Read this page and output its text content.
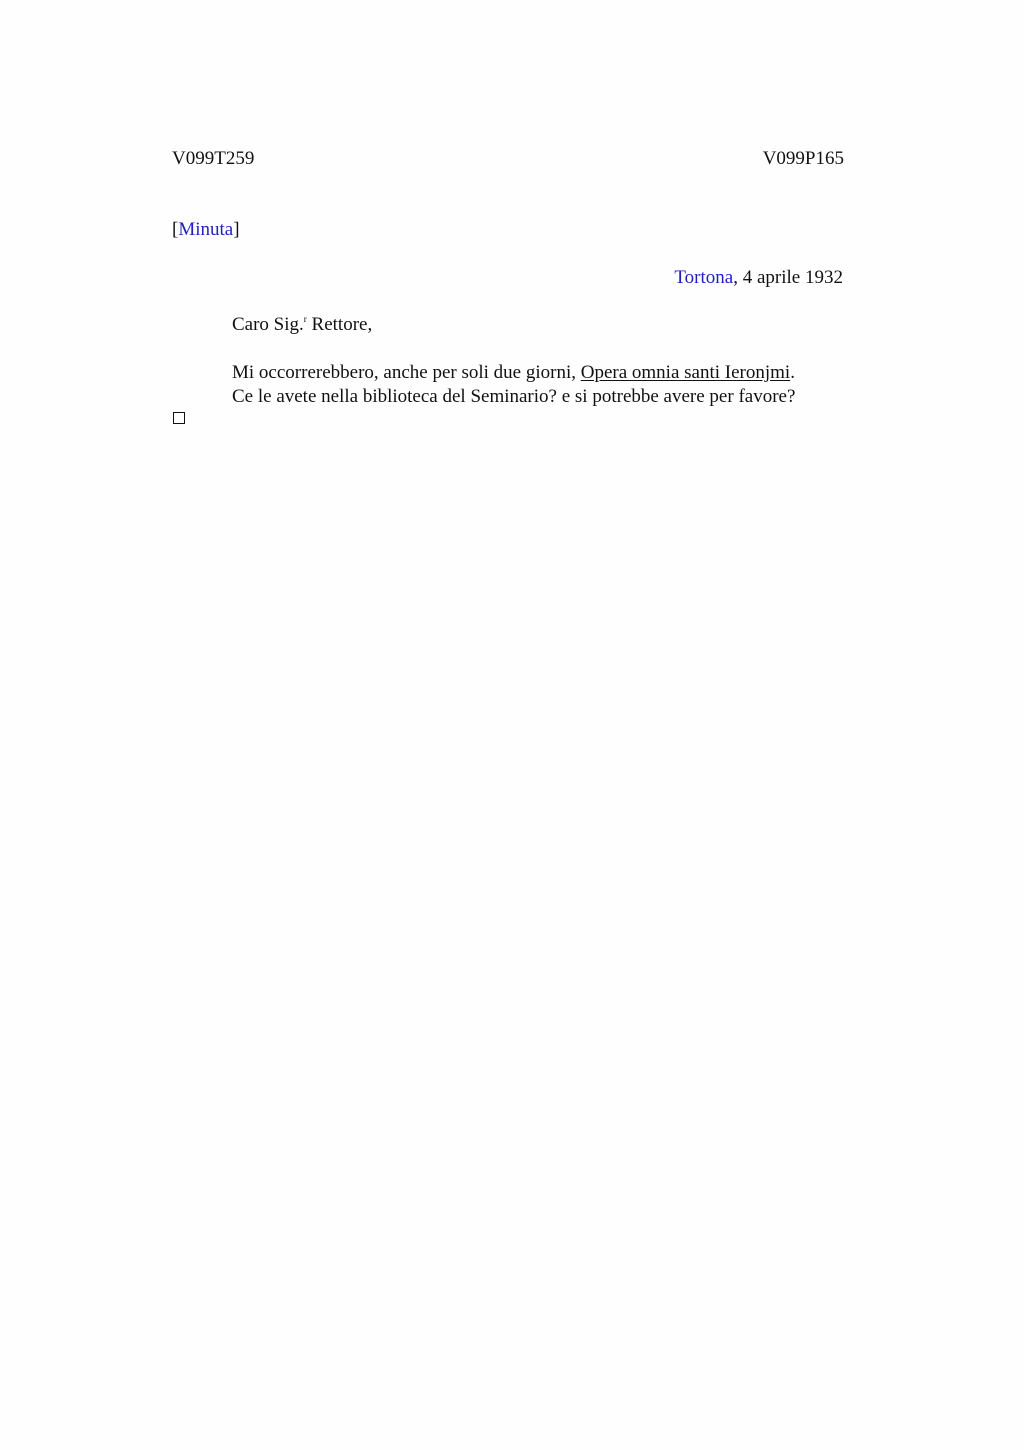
V099T259	V099P165
[Minuta]
Tortona, 4 aprile 1932
Caro Sig.$^r$ Rettore,
Mi occorrerebbero, anche per soli due giorni, Opera omnia santi Ieronjmi.
Ce le avete nella biblioteca del Seminario? e si potrebbe avere per favore?
